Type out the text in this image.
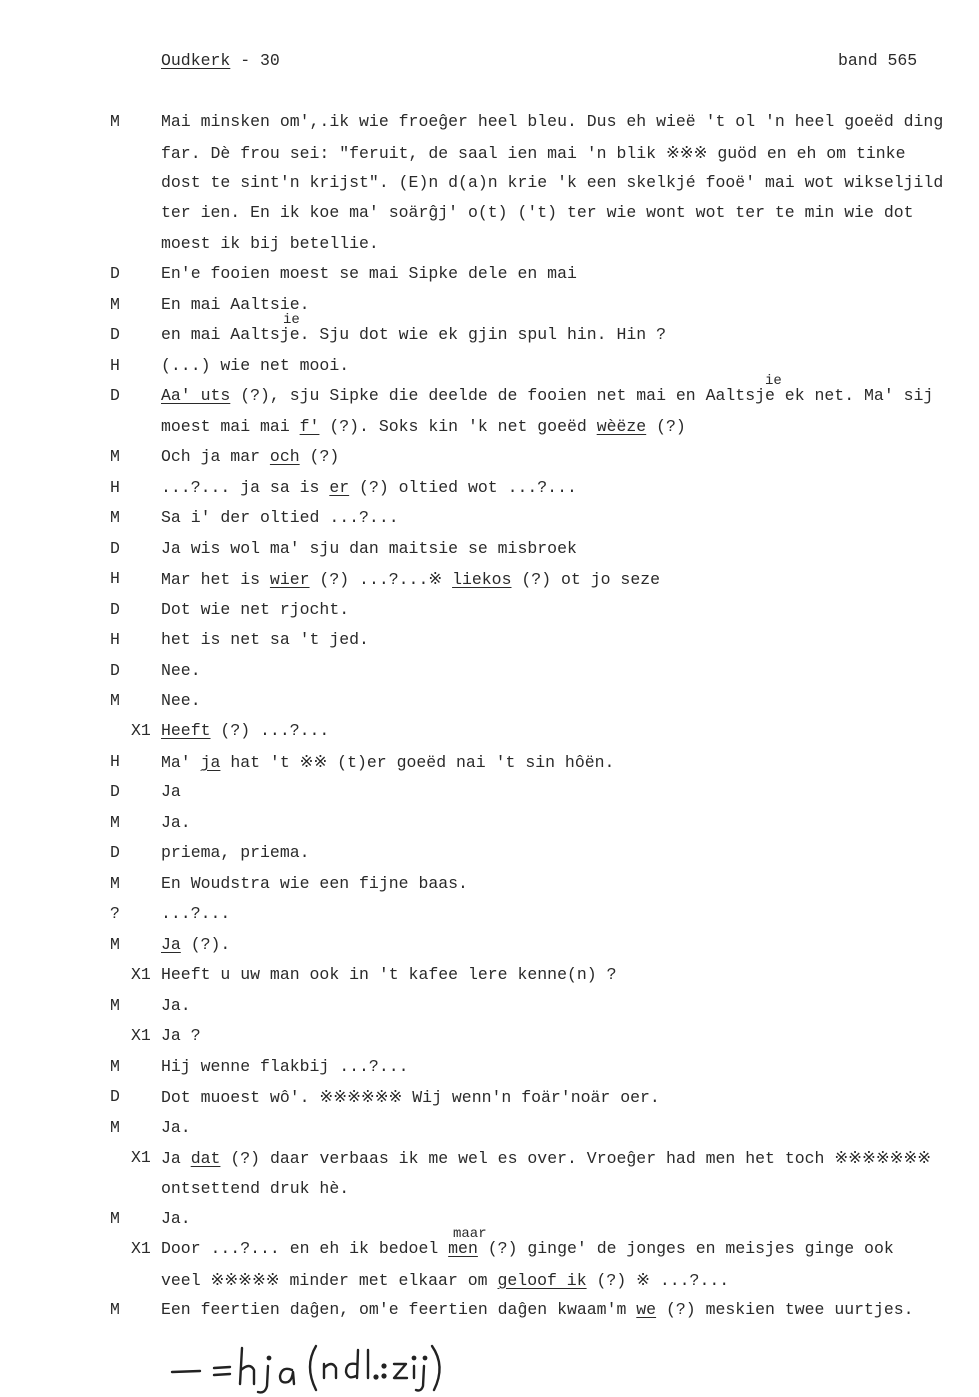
Oudkerk - 30	band 565
M	Mai minsken om',.ik wie froeĝer heel bleu. Dus eh wieë 't ol 'n heel goeëd ding
far. Dè frou sei: "feruit, de saal ien mai 'n blik ※※※ guöd en eh om tinke
dost te sint'n krijst". (E)n d(a)n krie 'k een skelkjé fooë' mai wot wikseljild
ter ien. En ik koe ma' soärĝj' o(t) ('t) ter wie wont wot ter te min wie dot
moest ik bij betellie.
D	En'e fooien moest se mai Sipke dele en mai
M	En mai Aaltsie.
D	en mai Aaltsje. Sju dot wie ek gjin spul hin. Hin ?
H	(...) wie net mooi.
D	Aa' uts (?), sju Sipke die deelde de fooien net mai en Aaltsje ek net. Ma' sij
moest mai mai f' (?). Soks kin 'k net goeëd wèëze (?)
M	Och ja mar och (?)
H	...?... ja sa is er (?) oltied wot ...?...
M	Sa i' der oltied ...?...
D	Ja wis wol ma' sju dan maitsie se misbroek
H	Mar het is wier (?) ...?...※ liekos (?) ot jo seze
D	Dot wie net rjocht.
H	het is net sa 't jed.
D	Nee.
M	Nee.
X1 Heeft (?) ...?...
H	Ma' ja hat 't ※※ (t)er goeëd nai 't sin hôën.
D	Ja
M	Ja.
D	priema, priema.
M	En Woudstra wie een fijne baas.
?	...?...
M	Ja (?).
X1 Heeft u uw man ook in 't kafee lere kenne(n) ?
M	Ja.
X1 Ja ?
M	Hij wenne flakbij ...?...
D	Dot muoest wô'. ※※※※※※ Wij wenn'n foär'noär oer.
M	Ja.
X1 Ja dat (?) daar verbaas ik me wel es over. Vroeĝer had men het toch ※※※※※※※
ontsettend druk hè.
M	Ja.
X1 Door ...?... en eh ik bedoel men (?) ginge' de jonges en meisjes ginge ook
veel ※※※※※ minder met elkaar om geloof ik (?) ※ ...?...
M	Een feertien daĝen, om'e feertien daĝen kwaam'm we (?) meskien twee uurtjes.
ie
ie
maar
